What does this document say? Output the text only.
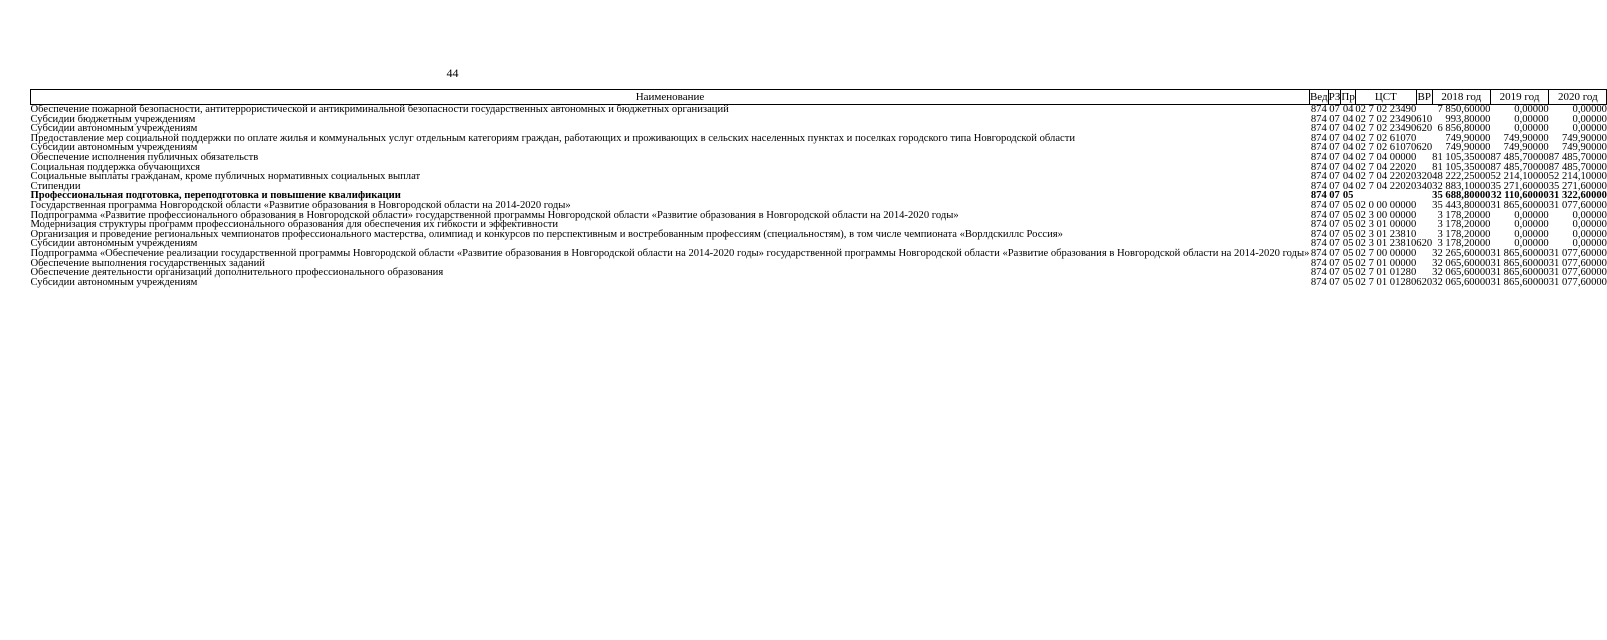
44
Наименование	Вед	РЗ	Пр	ЦСТ	ВР	2018 год	2019 год	2020 год
Обеспечение пожарной безопасности, антитеррористической и антикриминальной безопасности государственных автономных и бюджетных организаций	874	07	04	02 7 02 23490		7 850,60000	0,00000	0,00000
Субсидии бюджетным учреждениям	874	07	04	02 7 02 23490	610	993,80000	0,00000	0,00000
Субсидии автономным учреждениям	874	07	04	02 7 02 23490	620	6 856,80000	0,00000	0,00000
Предоставление мер социальной поддержки по оплате жилья и коммунальных услуг отдельным категориям граждан, работающих и проживающих в сельских населенных пунктах и поселках городского типа Новгородской области	874	07	04	02 7 02 61070		749,90000	749,90000	749,90000
Субсидии автономным учреждениям	874	07	04	02 7 02 61070	620	749,90000	749,90000	749,90000
Обеспечение исполнения публичных обязательств	874	07	04	02 7 04 00000		81 105,35000	87 485,70000	87 485,70000
Социальная поддержка обучающихся	874	07	04	02 7 04 22020		81 105,35000	87 485,70000	87 485,70000
Социальные выплаты гражданам, кроме публичных нормативных социальных выплат	874	07	04	02 7 04 22020	320	48 222,25000	52 214,10000	52 214,10000
Стипендии	874	07	04	02 7 04 22020	340	32 883,10000	35 271,60000	35 271,60000
Профессиональная подготовка, переподготовка и повышение квалификации	874	07	05			35 688,80000	32 110,60000	31 322,60000
Государственная программа Новгородской области «Развитие образования в Новгородской области на 2014-2020 годы»	874	07	05	02 0 00 00000		35 443,80000	31 865,60000	31 077,60000
Подпрограмма «Развитие профессионального образования в Новгородской области» государственной программы Новгородской области «Развитие образования в Новгородской области на 2014-2020 годы»	874	07	05	02 3 00 00000		3 178,20000	0,00000	0,00000
Модернизация структуры программ профессионального образования для обеспечения их гибкости и эффективности	874	07	05	02 3 01 00000		3 178,20000	0,00000	0,00000
Организация и проведение региональных чемпионатов профессионального мастерства, олимпиад и конкурсов по перспективным и востребованным профессиям (специальностям), в том числе чемпионата «Ворлдскиллс Россия»	874	07	05	02 3 01 23810		3 178,20000	0,00000	0,00000
Субсидии автономным учреждениям	874	07	05	02 3 01 23810	620	3 178,20000	0,00000	0,00000
Подпрограмма «Обеспечение реализации государственной программы Новгородской области «Развитие образования в Новгородской области на 2014-2020 годы» государственной программы Новгородской области «Развитие образования в Новгородской области на 2014-2020 годы»	874	07	05	02 7 00 00000		32 265,60000	31 865,60000	31 077,60000
Обеспечение выполнения государственных заданий	874	07	05	02 7 01 00000		32 065,60000	31 865,60000	31 077,60000
Обеспечение деятельности организаций дополнительного профессионального образования	874	07	05	02 7 01 01280		32 065,60000	31 865,60000	31 077,60000
Субсидии автономным учреждениям	874	07	05	02 7 01 01280	620	32 065,60000	31 865,60000	31 077,60000
